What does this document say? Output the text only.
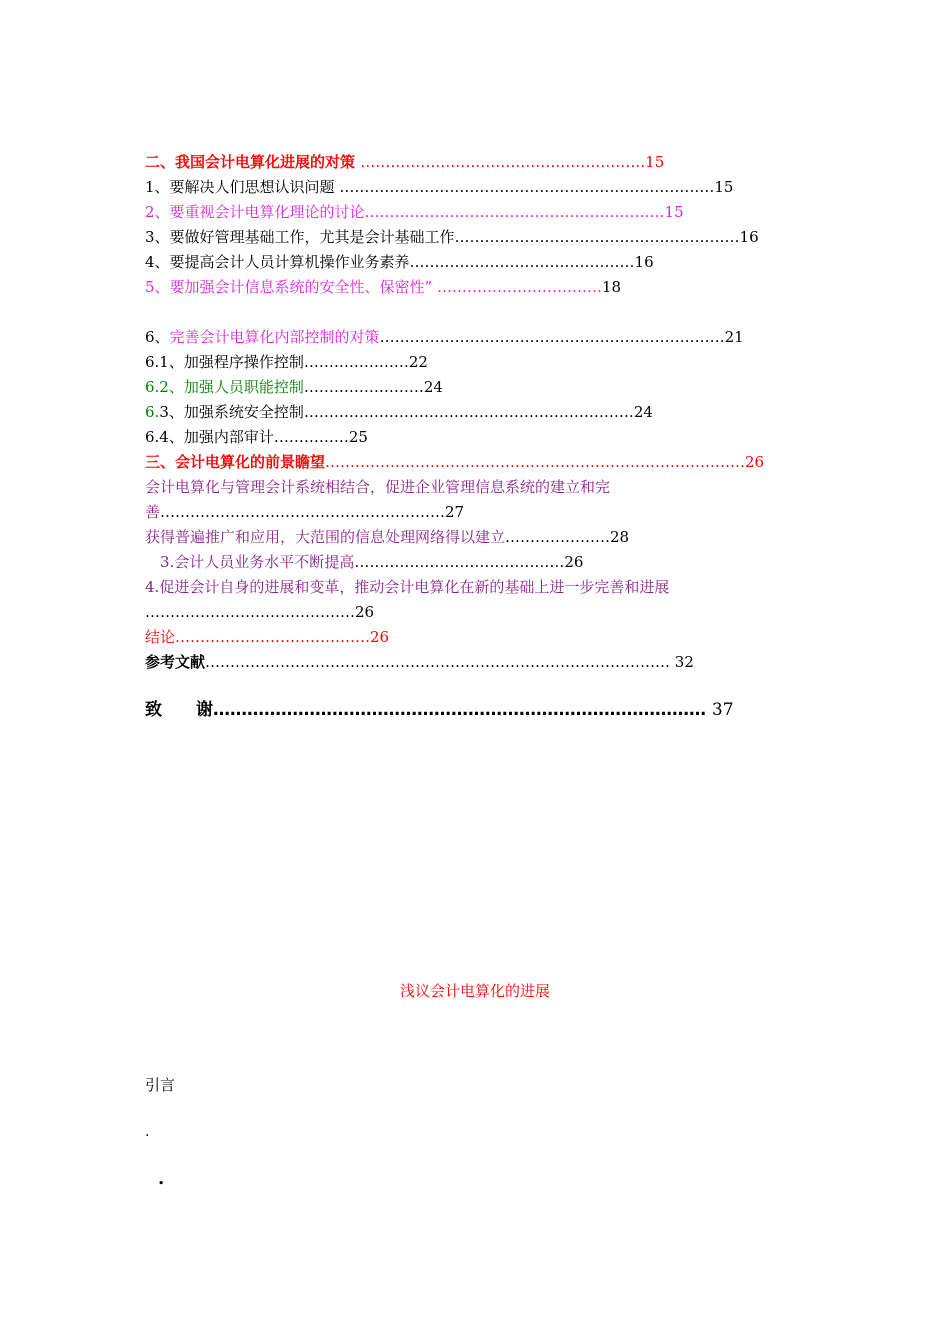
二、我国会计电算化进展的对策 …………………………………………………15
1、要解决人们思想认识问题 …………………………………………………………………15
2、要重视会计电算化理论的讨论……………………………………………………15
3、要做好管理基础工作，尤其是会计基础工作…………………………………………………16
4、要提高会计人员计算机操作业务素养………………………………………16
5、要加强会计信息系统的安全性、保密性” ……………………………18
6、完善会计电算化内部控制的对策……………………………………………………………21
6.1、加强程序操作控制…………………22
6.2、加强人员职能控制……………………24
6.3、加强系统安全控制…………………………………………………………24
6.4、加强内部审计……………25
三、会计电算化的前景瞻望…………………………………………………………………………26
会计电算化与管理会计系统相结合，促进企业管理信息系统的建立和完善…………………………………………………27
获得普遍推广和应用，大范围的信息处理网络得以建立…………………28
3.会计人员业务水平不断提高……………………………………26
4.促进会计自身的进展和变革，推动会计电算化在新的基础上进一步完善和进展 ……………………………………26
结论…………………………………26
参考文献………………………………………………………………………………… 32
致　　谢…………………………………………………………………………… 37
浅议会计电算化的进展
引言
.
.
